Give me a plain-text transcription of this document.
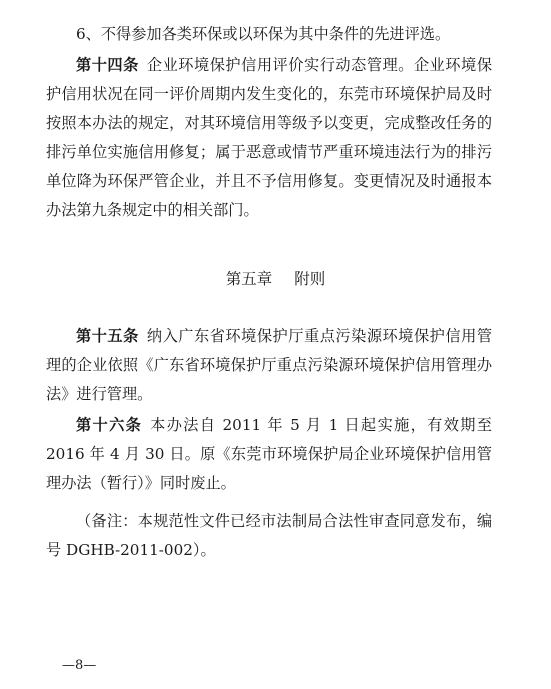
6、不得参加各类环保或以环保为其中条件的先进评选。

第十四条 企业环境保护信用评价实行动态管理。企业环境保护信用状况在同一评价周期内发生变化的，东莞市环境保护局及时按照本办法的规定，对其环境信用等级予以变更，完成整改任务的排污单位实施信用修复；属于恶意或情节严重环境违法行为的排污单位降为环保严管企业，并且不予信用修复。变更情况及时通报本办法第九条规定中的相关部门。

第五章 附则

第十五条 纳入广东省环境保护厅重点污染源环境保护信用管理的企业依照《广东省环境保护厅重点污染源环境保护信用管理办法》进行管理。

第十六条 本办法自 2011 年 5 月 1 日起实施，有效期至 2016 年 4 月 30 日。原《东莞市环境保护局企业环境保护信用管理办法（暂行）》同时废止。

（备注：本规范性文件已经市法制局合法性审查同意发布，编号 DGHB-2011-002）。

—8—
